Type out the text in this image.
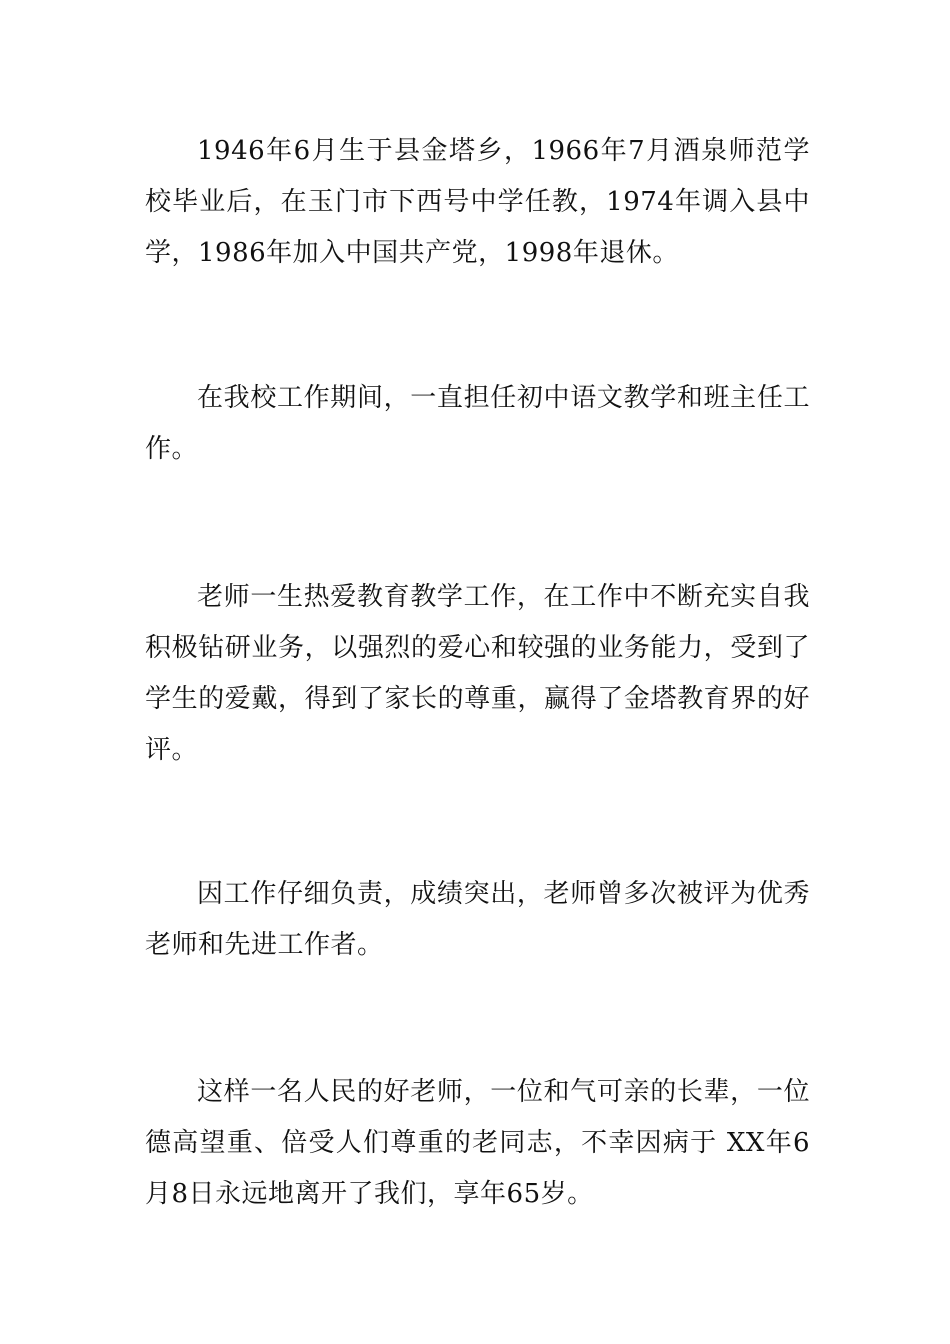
1946年6月生于县金塔乡，1966年7月酒泉师范学校毕业后，在玉门市下西号中学任教，1974年调入县中学，1986年加入中国共产党，1998年退休。

在我校工作期间，一直担任初中语文教学和班主任工作。

老师一生热爱教育教学工作，在工作中不断充实自我积极钻研业务，以强烈的爱心和较强的业务能力，受到了学生的爱戴，得到了家长的尊重，赢得了金塔教育界的好评。

因工作仔细负责，成绩突出，老师曾多次被评为优秀老师和先进工作者。

这样一名人民的好老师，一位和气可亲的长辈，一位德高望重、倍受人们尊重的老同志，不幸因病于 XX年6月8日永远地离开了我们，享年65岁。
